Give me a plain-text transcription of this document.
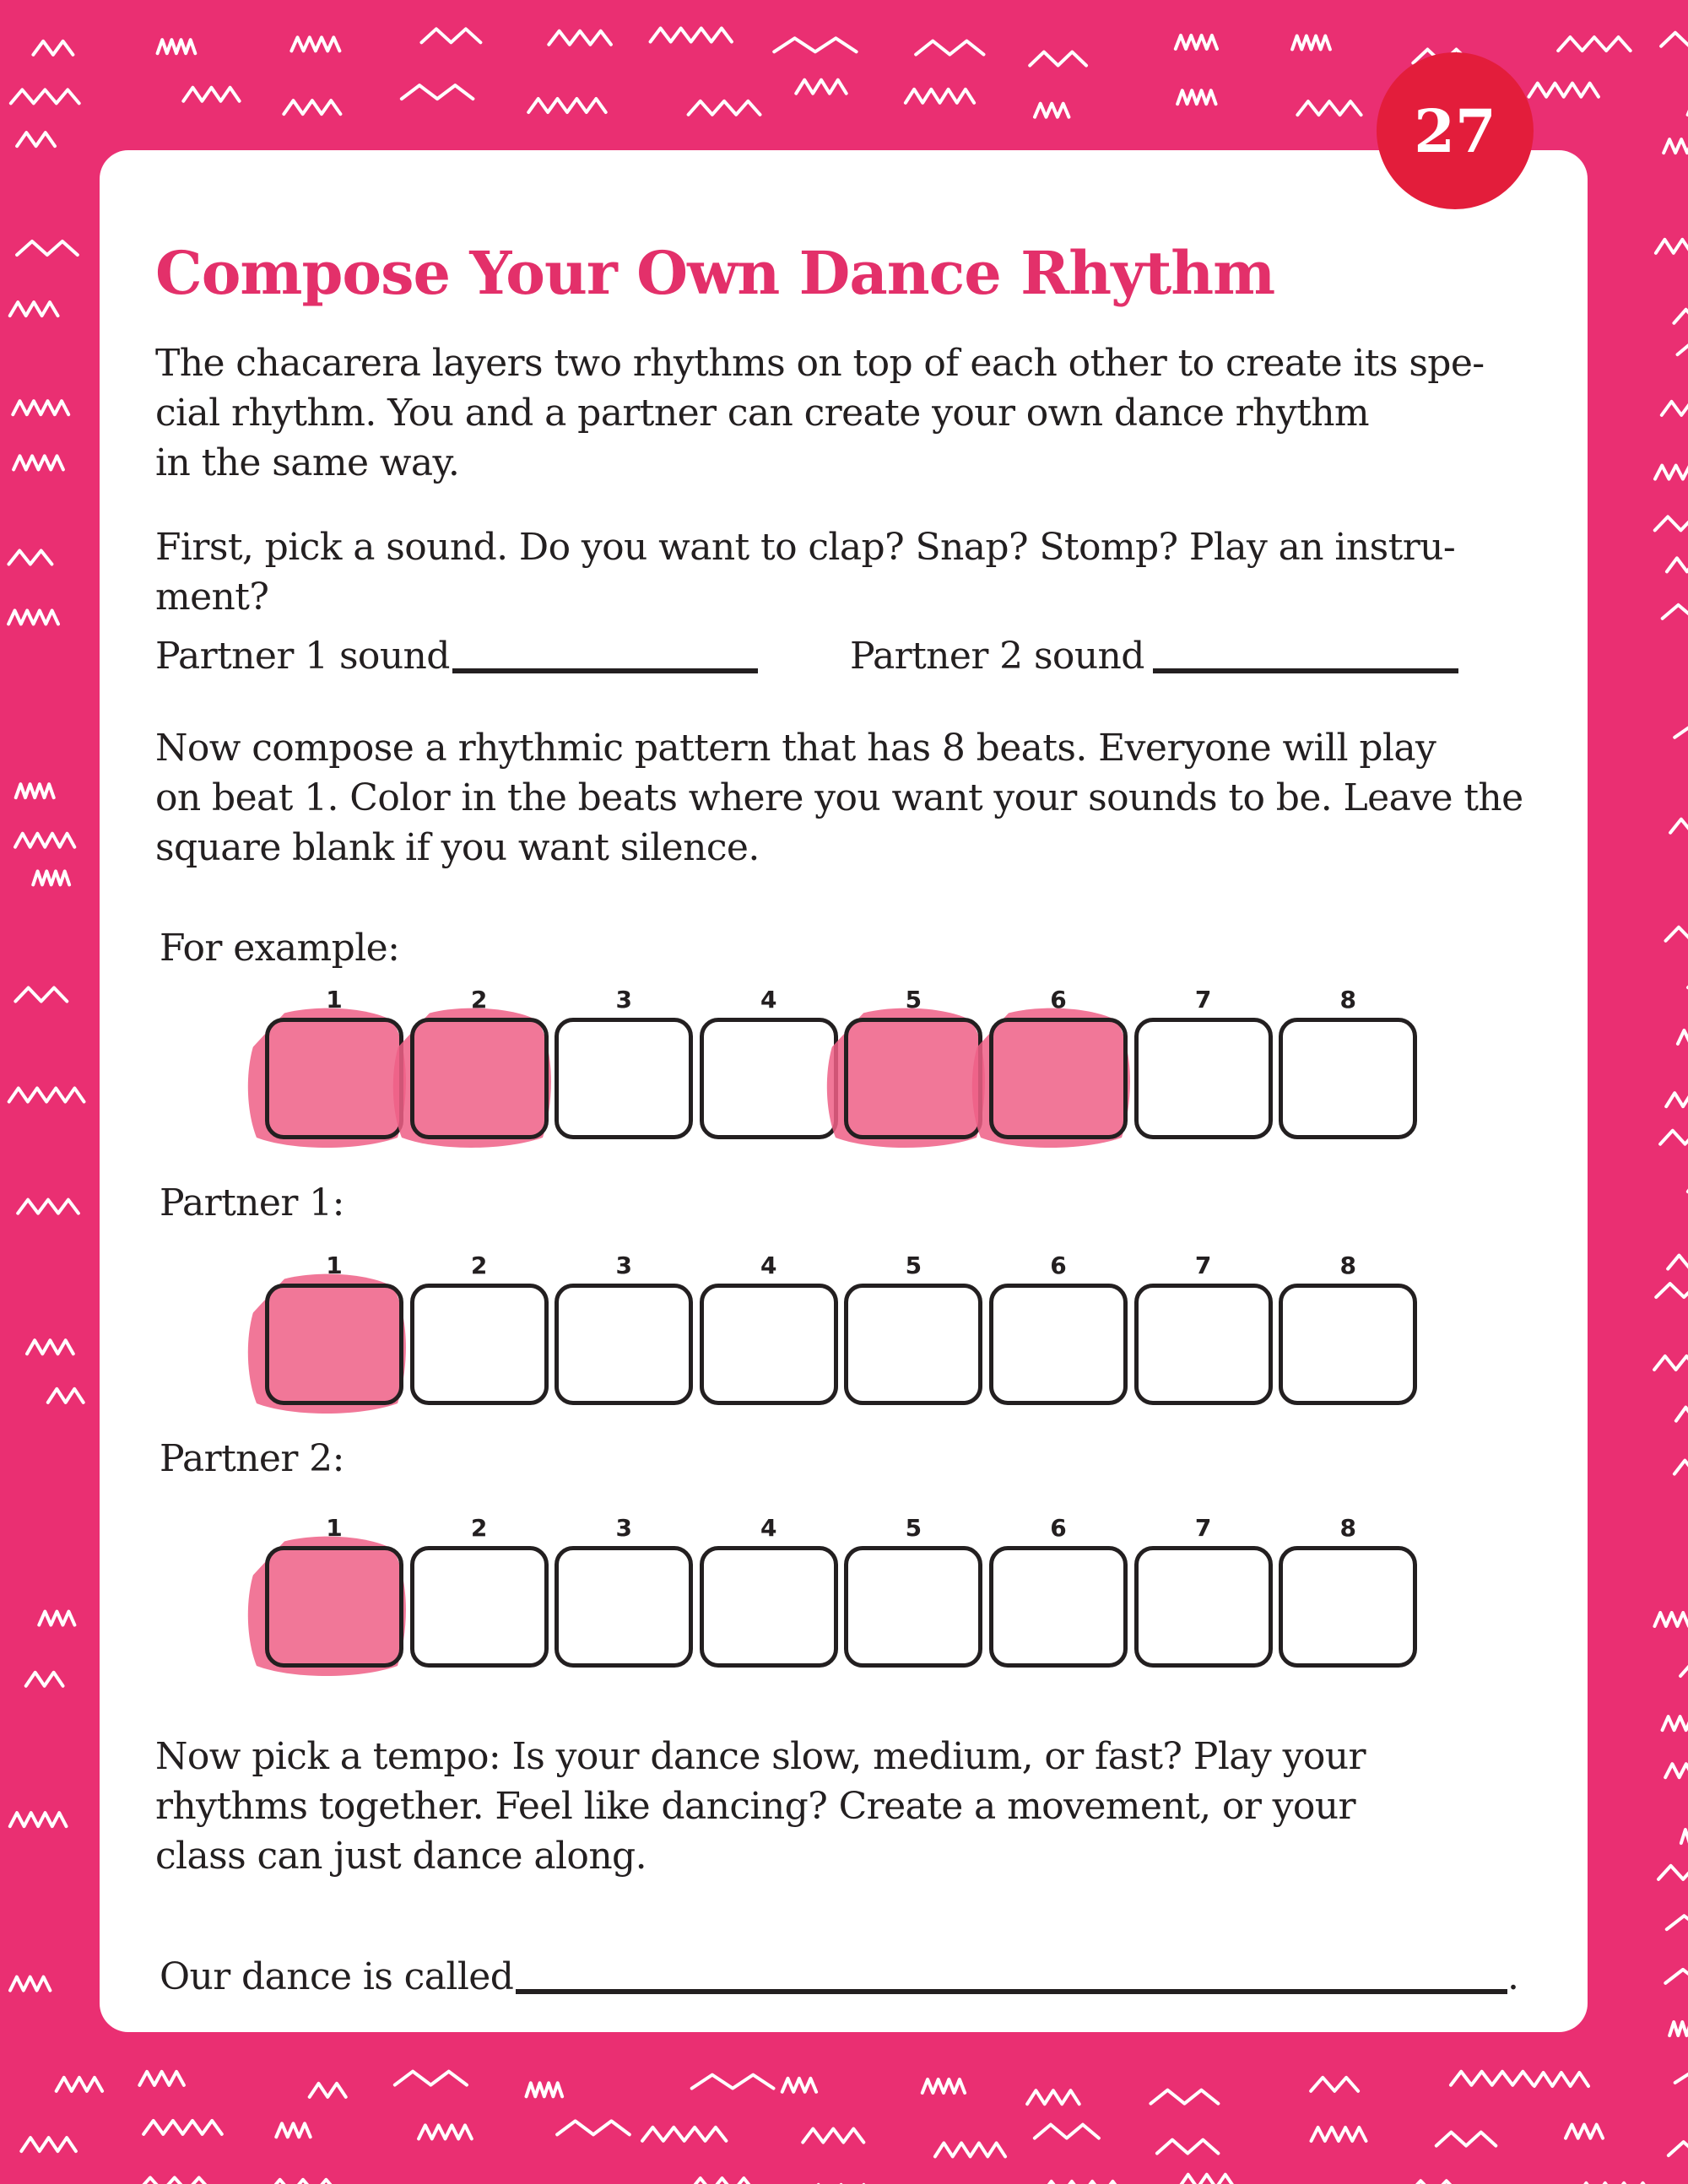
27
Compose Your Own Dance Rhythm
The chacarera layers two rhythms on top of each other to create its spe-
cial rhythm. You and a partner can create your own dance rhythm
in the same way.
First, pick a sound. Do you want to clap? Snap? Stomp? Play an instru-
ment?
Partner 1 sound	Partner 2 sound
Now compose a rhythmic pattern that has 8 beats. Everyone will play
on beat 1. Color in the beats where you want your sounds to be. Leave the
square blank if you want silence.
For example:
1	2	3	4	5	6	7	8
Partner 1:
1	2	3	4	5	6	7	8
Partner 2:
1	2	3	4	5	6	7	8
Now pick a tempo: Is your dance slow, medium, or fast? Play your
rhythms together. Feel like dancing? Create a movement, or your
class can just dance along.
Our dance is called	.
